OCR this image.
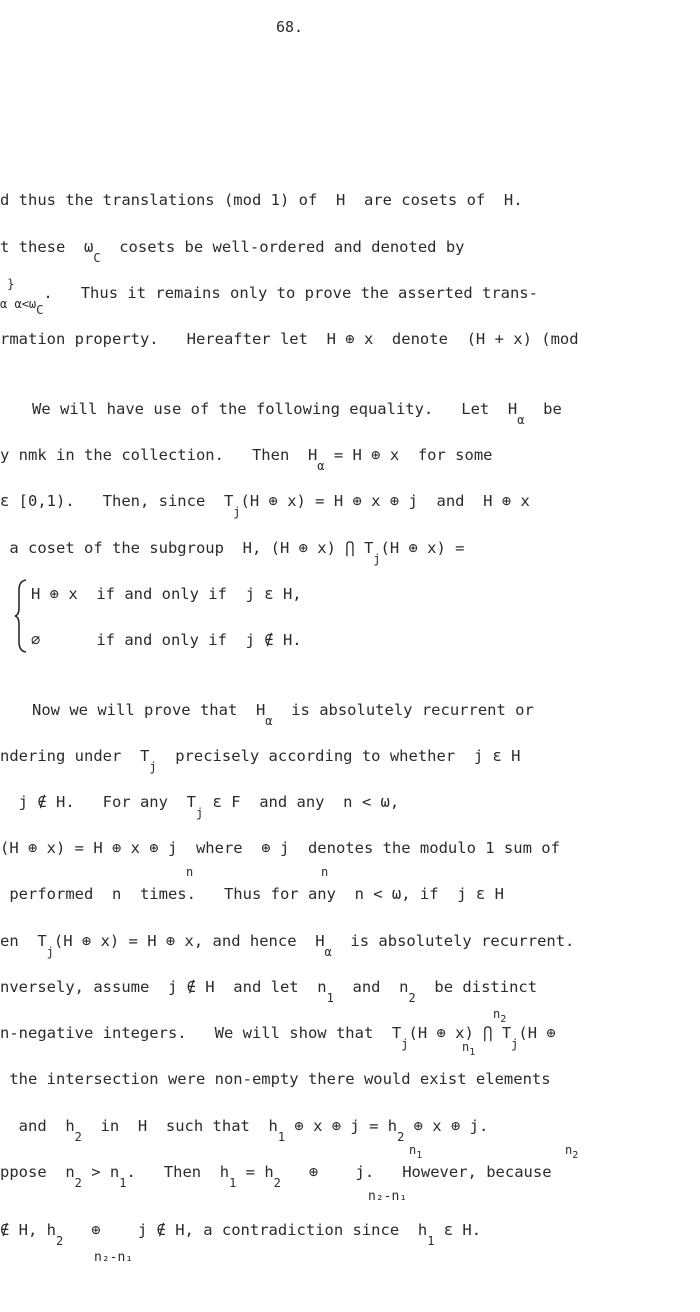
68.
d thus the translations (mod 1) of  H  are cosets of  H.
t these  $\omega_C$  cosets be well-ordered and denoted by
$_\alpha$}$_{\alpha<\omega C}$.   Thus it remains only to prove the asserted trans-
rmation property.   Hereafter let  H ⊕ x  denote  (H + x) (mod
We will have use of the following equality.   Let  $H_\alpha$  be
y nmk in the collection.   Then  $H_\alpha = H$ ⊕ x  for some
ε [0,1).   Then, since  $T_j(H$ ⊕ x) = H ⊕ x ⊕ j  and  H ⊕ x
a coset of the subgroup  H, (H ⊕ x) ⋂ $T_j(H$ ⊕ x) =
H ⊕ x  if and only if  j ε H,
∅      if and only if  j ∉ H.
Now we will prove that  $H_\alpha$  is absolutely recurrent or
ndering under  $T_j$  precisely according to whether  j ε H
j ∉ H.   For any  $T_j$ ε F  and any  n < ω,
(H ⊕ x) = H ⊕ x ⊕ j  where  ⊕ j  denotes the modulo 1 sum of
n	n
performed  n  times.   Thus for any  n < ω, if  j ε H
en  $T_j(H$ ⊕ x) = H ⊕ x, and hence  $H_\alpha$  is absolutely recurrent.
nversely, assume  j ∉ H  and let  $n_1$  and  $n_2$  be distinct
$n_2$
n-negative integers.   We will show that  $T_j(H$ ⊕ x) ⋂ $T_j(H$ ⊕
$n_1$
the intersection were non-empty there would exist elements
and  $h_2$  in  H  such that  $h_1$ ⊕ x ⊕ $j = h_2$ ⊕ x ⊕ j.
$n_1$	$n_2$
ppose  $n_2 > n_1$.   Then  $h_1 = h_2$   ⊕    j.   However, because
n₂-n₁
∉ H, $h_2$   ⊕    j ∉ H, a contradiction since  $h_1$ ε H.
n₂-n₁
